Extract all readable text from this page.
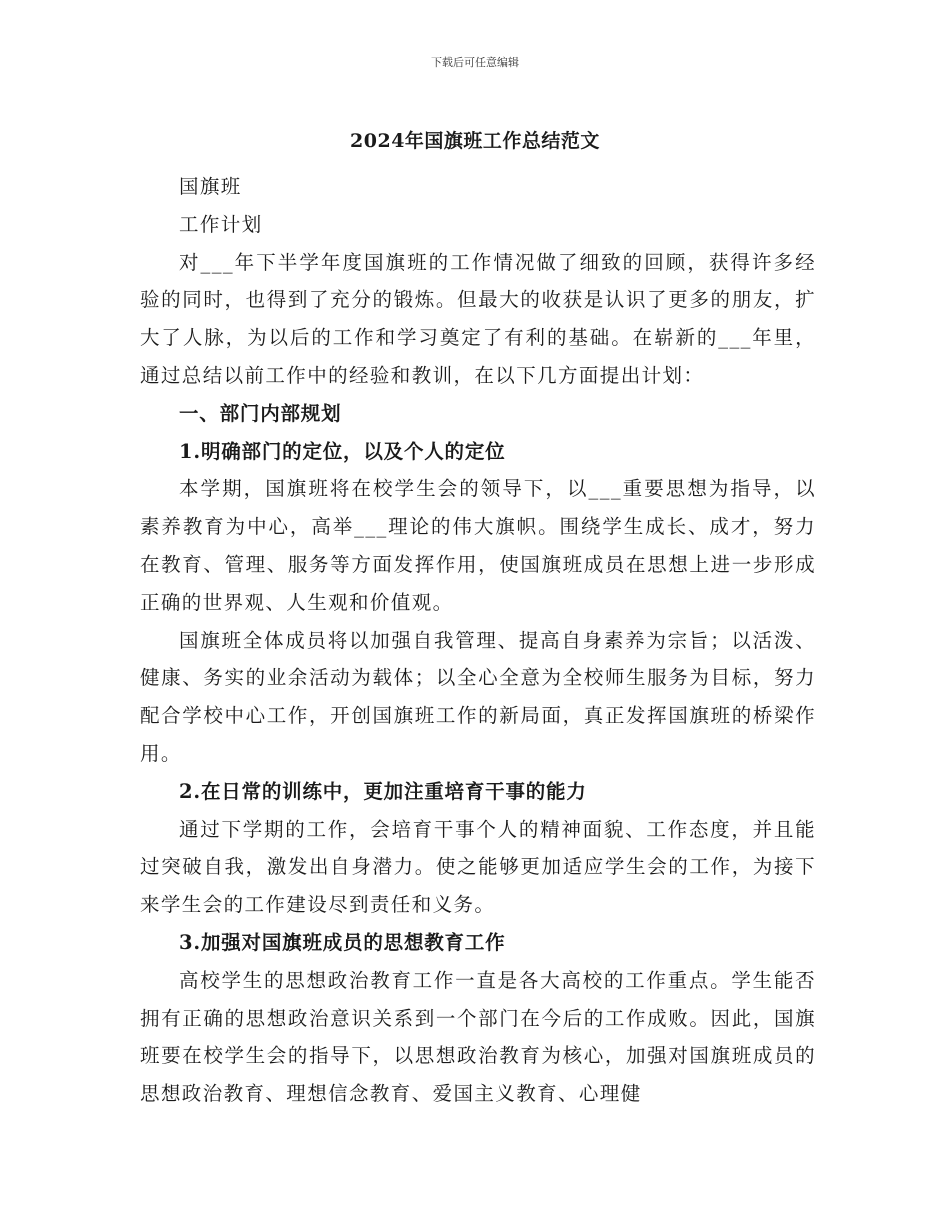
下载后可任意编辑
2024年国旗班工作总结范文

国旗班

工作计划

对___年下半学年度国旗班的工作情况做了细致的回顾，获得许多经验的同时，也得到了充分的锻炼。但最大的收获是认识了更多的朋友，扩大了人脉，为以后的工作和学习奠定了有利的基础。在崭新的___年里，通过总结以前工作中的经验和教训，在以下几方面提出计划：

一、部门内部规划
1.明确部门的定位，以及个人的定位

本学期，国旗班将在校学生会的领导下，以___重要思想为指导，以素养教育为中心，高举___理论的伟大旗帜。围绕学生成长、成才，努力在教育、管理、服务等方面发挥作用，使国旗班成员在思想上进一步形成正确的世界观、人生观和价值观。

国旗班全体成员将以加强自我管理、提高自身素养为宗旨；以活泼、健康、务实的业余活动为载体；以全心全意为全校师生服务为目标，努力配合学校中心工作，开创国旗班工作的新局面，真正发挥国旗班的桥梁作用。

2.在日常的训练中，更加注重培育干事的能力

通过下学期的工作，会培育干事个人的精神面貌、工作态度，并且能过突破自我，激发出自身潜力。使之能够更加适应学生会的工作，为接下来学生会的工作建设尽到责任和义务。

3.加强对国旗班成员的思想教育工作

高校学生的思想政治教育工作一直是各大高校的工作重点。学生能否拥有正确的思想政治意识关系到一个部门在今后的工作成败。因此，国旗班要在校学生会的指导下，以思想政治教育为核心，加强对国旗班成员的思想政治教育、理想信念教育、爱国主义教育、心理健
